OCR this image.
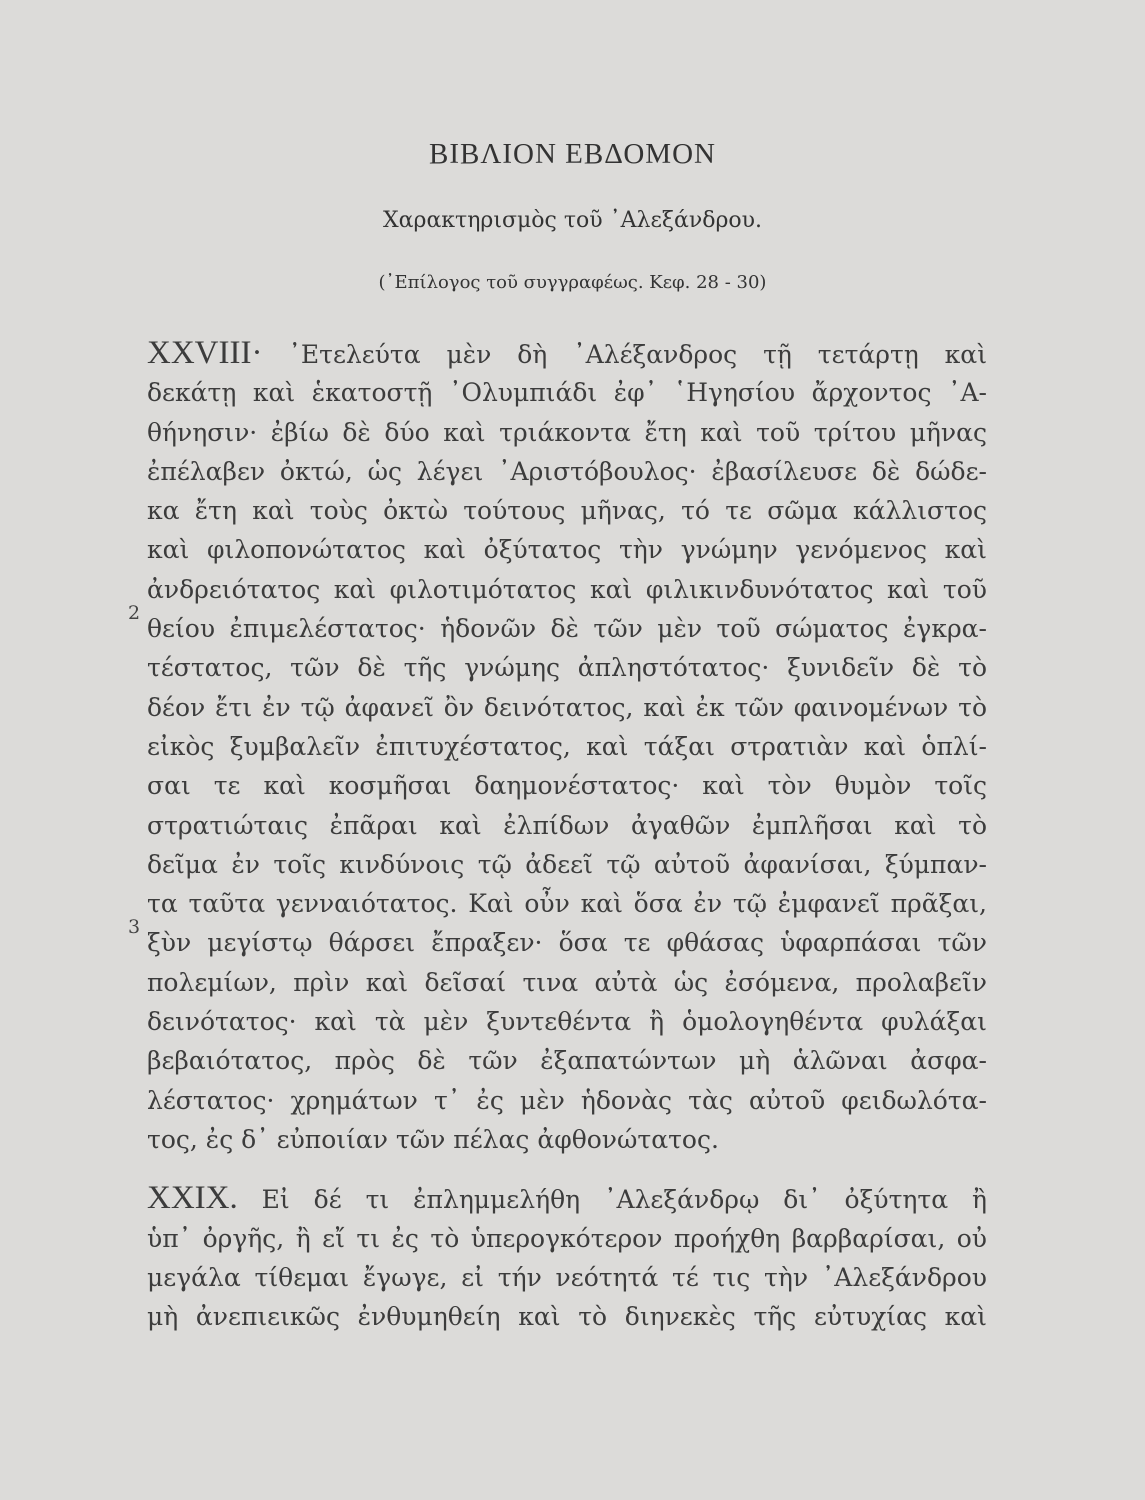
ΒΙΒΛΙΟΝ ΕΒΔΟΜΟΝ
Χαρακτηρισμὸς τοῦ ᾿Αλεξάνδρου.
(᾿Επίλογος τοῦ συγγραφέως. Κεφ. 28 - 30)
2
3
XXVIII· ᾿Ετελεύτα μὲν δὴ ᾿Αλέξανδρος τῇ τετάρτῃ καὶ
δεκάτῃ καὶ ἑκατοστῇ ᾿Ολυμπιάδι ἐφ᾿ ῾Ηγησίου ἄρχοντος ᾿Α-
θήνησιν· ἐβίω δὲ δύο καὶ τριάκοντα ἔτη καὶ τοῦ τρίτου μῆνας
ἐπέλαβεν ὀκτώ, ὡς λέγει ᾿Αριστόβουλος· ἐβασίλευσε δὲ δώδε-
κα ἔτη καὶ τοὺς ὀκτὼ τούτους μῆνας, τό τε σῶμα κάλλιστος
καὶ φιλοπονώτατος καὶ ὀξύτατος τὴν γνώμην γενόμενος καὶ
ἀνδρειότατος καὶ φιλοτιμότατος καὶ φιλικινδυνότατος καὶ τοῦ
θείου ἐπιμελέστατος· ἡδονῶν δὲ τῶν μὲν τοῦ σώματος ἐγκρα-
τέστατος, τῶν δὲ τῆς γνώμης ἀπληστότατος· ξυνιδεῖν δὲ τὸ
δέον ἔτι ἐν τῷ ἀφανεῖ ὂν δεινότατος, καὶ ἐκ τῶν φαινομένων τὸ
εἰκὸς ξυμβαλεῖν ἐπιτυχέστατος, καὶ τάξαι στρατιὰν καὶ ὁπλί-
σαι τε καὶ κοσμῆσαι δαημονέστατος· καὶ τὸν θυμὸν τοῖς
στρατιώταις ἐπᾶραι καὶ ἐλπίδων ἀγαθῶν ἐμπλῆσαι καὶ τὸ
δεῖμα ἐν τοῖς κινδύνοις τῷ ἀδεεῖ τῷ αὐτοῦ ἀφανίσαι, ξύμπαν-
τα ταῦτα γενναιότατος. Καὶ οὖν καὶ ὅσα ἐν τῷ ἐμφανεῖ πρᾶξαι,
ξὺν μεγίστῳ θάρσει ἔπραξεν· ὅσα τε φθάσας ὑφαρπάσαι τῶν
πολεμίων, πρὶν καὶ δεῖσαί τινα αὐτὰ ὡς ἐσόμενα, προλαβεῖν
δεινότατος· καὶ τὰ μὲν ξυντεθέντα ἢ ὁμολογηθέντα φυλάξαι
βεβαιότατος, πρὸς δὲ τῶν ἐξαπατώντων μὴ ἁλῶναι ἀσφα-
λέστατος· χρημάτων τ᾿ ἐς μὲν ἡδονὰς τὰς αὐτοῦ φειδωλότα-
τος, ἐς δ᾿ εὐποιίαν τῶν πέλας ἀφθονώτατος.
XXIX. Εἰ δέ τι ἐπλημμελήθη ᾿Αλεξάνδρῳ δι᾿ ὀξύτητα ἢ
ὑπ᾿ ὀργῆς, ἢ εἴ τι ἐς τὸ ὑπερογκότερον προήχθη βαρβαρίσαι, οὐ
μεγάλα τίθεμαι ἔγωγε, εἰ τήν νεότητά τέ τις τὴν ᾿Αλεξάνδρου
μὴ ἀνεπιεικῶς ἐνθυμηθείη καὶ τὸ διηνεκὲς τῆς εὐτυχίας καὶ
